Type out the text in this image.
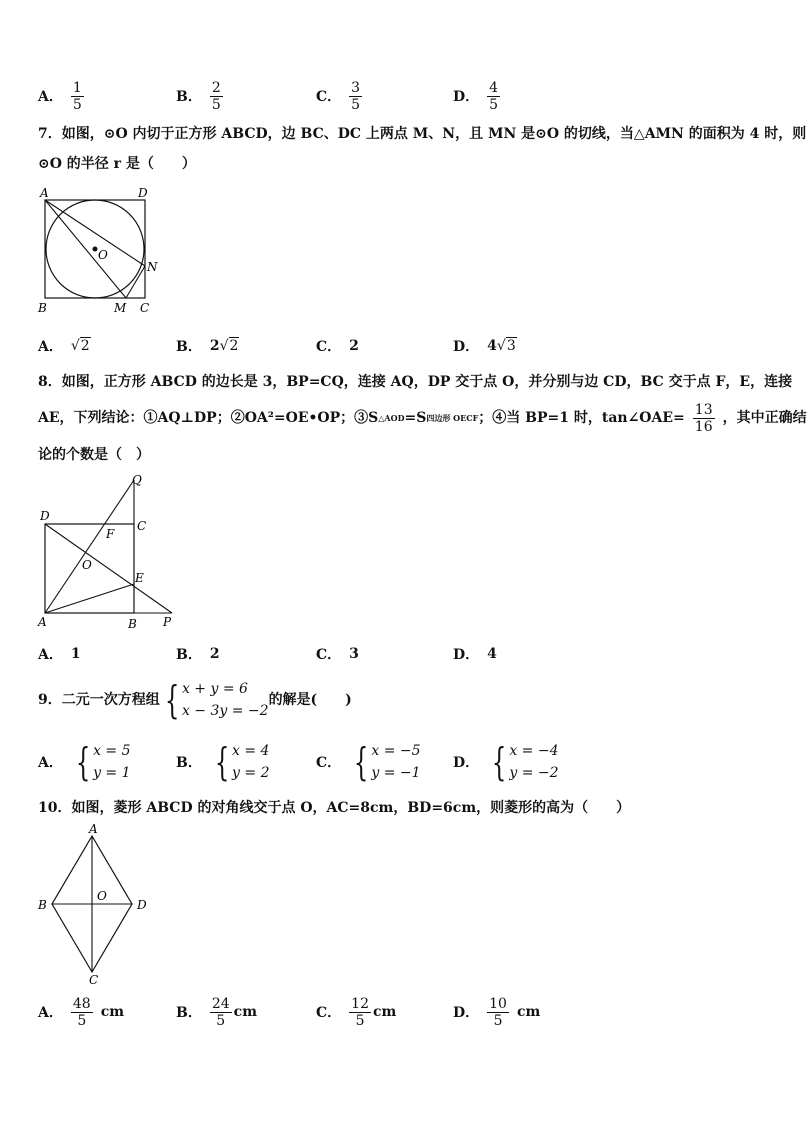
A． $\frac{1}{5}$	B． $\frac{2}{5}$	C． $\frac{3}{5}$	D． $\frac{4}{5}$
7．如图，⊙O 内切于正方形 ABCD，边 BC、DC 上两点 M、N，且 MN 是⊙O 的切线，当△AMN 的面积为 4 时，则
⊙O 的半径 r 是（　　）
A	D
O
N
B	M C
A． √2	B． 2 √2	C． 2	D． 4 √3
8．如图，正方形 ABCD 的边长是 3，BP=CQ，连接 AQ，DP 交于点 O，并分别与边 CD，BC 交于点 F，E，连接
AE，下列结论：①AQ⊥DP；②OA²=OE•OP；③S △AOD =S 四边形 OECF ；④当 BP=1 时，tan∠OAE= $\frac{13}{16}$ ，其中正确结
论的个数是（　）
Q
D
C
F
O
E
A	B P
A． 1	B． 2	C． 3	D． 4
9．二元一次方程组 { x + y = 6
x − 3y = −2
的解是(　　)
A． { x = 5
y = 1
B． { x = 4
y = 2
C． { x = −5
y = −1
D． { x = −4
y = −2
10．如图，菱形 ABCD 的对角线交于点 O，AC=8cm，BD=6cm，则菱形的高为（　　）
A
B
O
D
C
A． $\frac{48}{5}$ cm	B． $\frac{24}{5}$ cm	C． $\frac{12}{5}$ cm	D． $\frac{10}{5}$ cm
